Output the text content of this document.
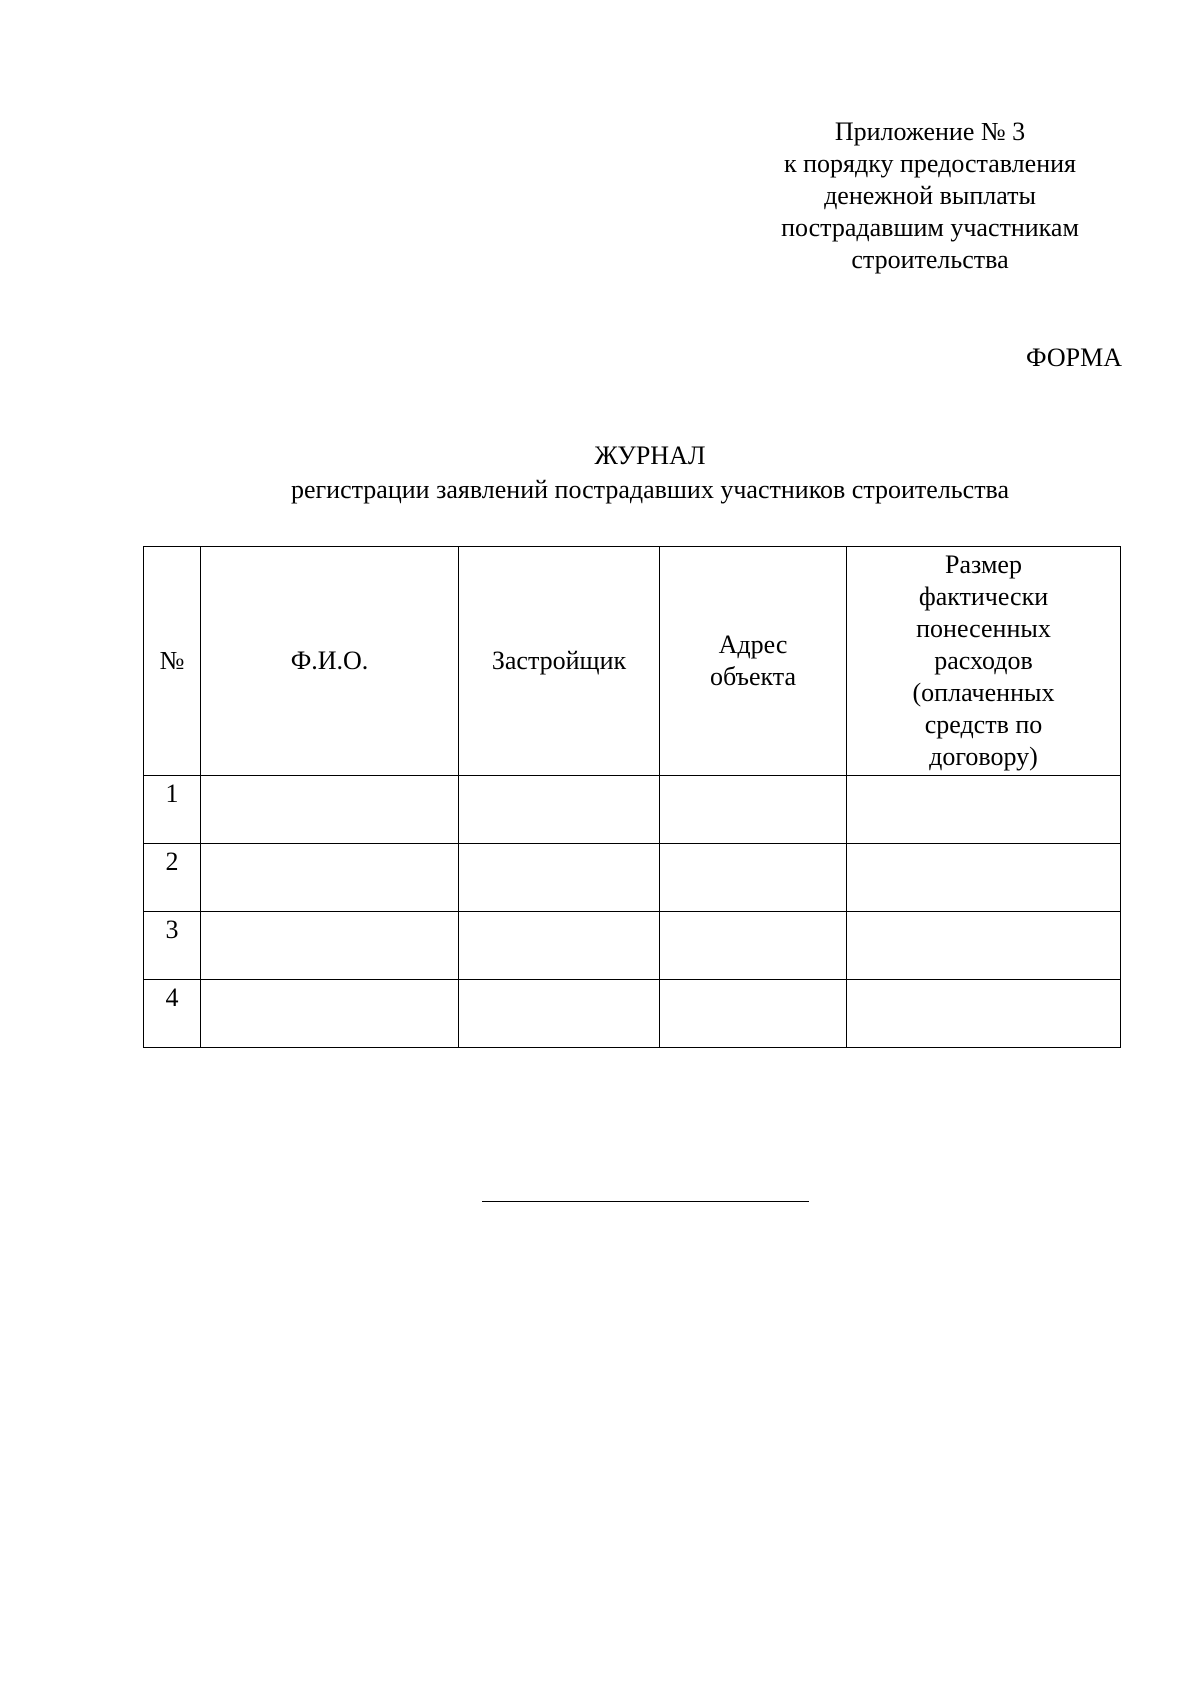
Приложение № 3
к порядку предоставления
денежной выплаты
пострадавшим участникам
строительства
ФОРМА
ЖУРНАЛ
регистрации заявлений пострадавших участников строительства
№	Ф.И.О.	Застройщик	Адрес объекта	Размер фактически понесенных расходов (оплаченных средств по договору)
1				
2				
3				
4				
